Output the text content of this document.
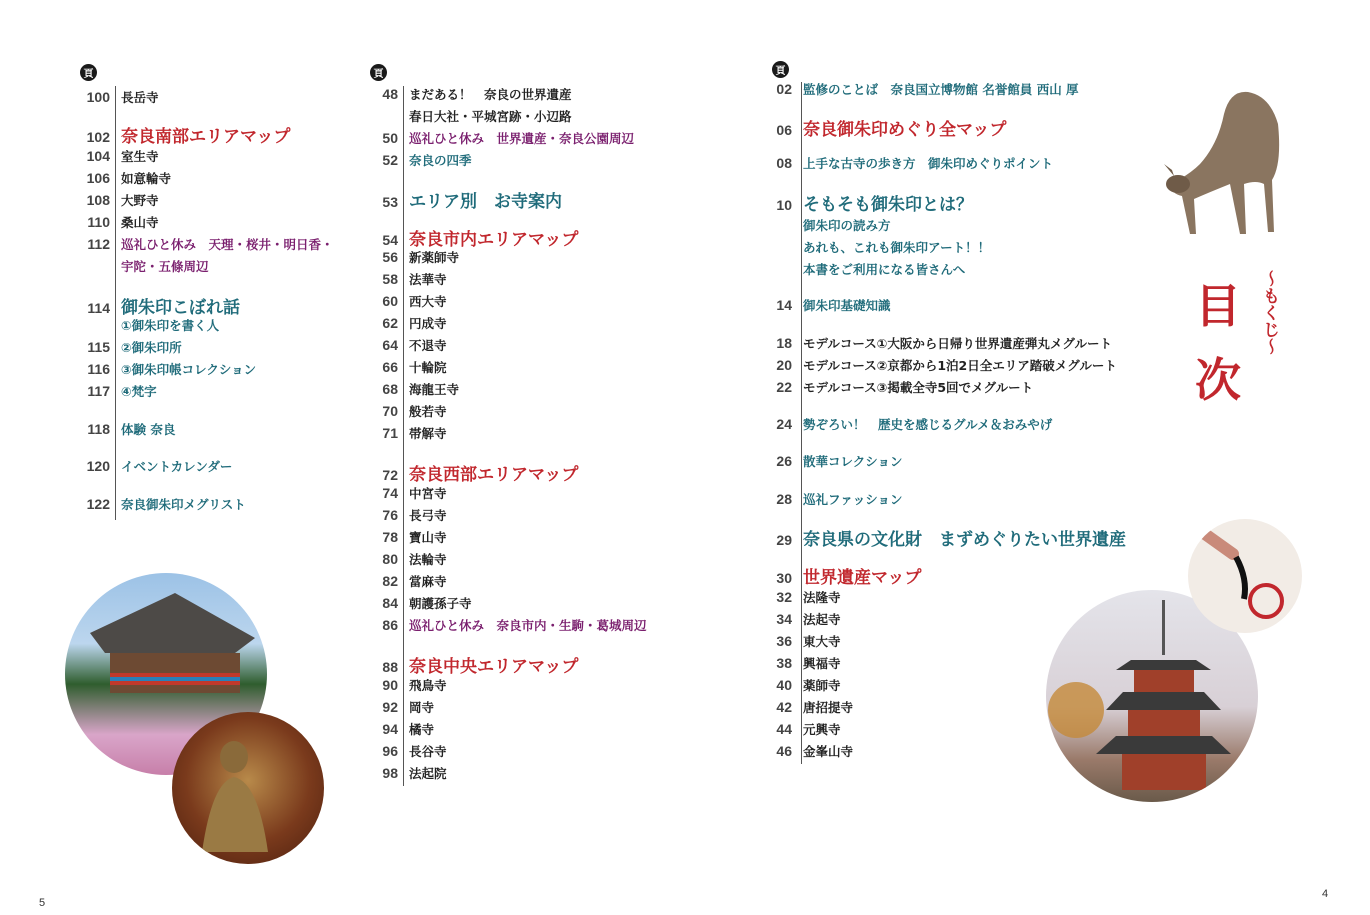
頁
100 長岳寺
102 奈良南部エリアマップ
104 室生寺
106 如意輪寺
108 大野寺
110 桑山寺
112 巡礼ひと休み　天理・桜井・明日香・
宇陀・五條周辺
114 御朱印こぼれ話
①御朱印を書く人
115 ②御朱印所
116 ③御朱印帳コレクション
117 ④梵字
118 体験 奈良
120 イベントカレンダー
122 奈良御朱印メグリスト
頁
48 まだある！　奈良の世界遺産
春日大社・平城宮跡・小辺路
50 巡礼ひと休み　世界遺産・奈良公園周辺
52 奈良の四季
53 エリア別　お寺案内
54 奈良市内エリアマップ
56 新薬師寺
58 法華寺
60 西大寺
62 円成寺
64 不退寺
66 十輪院
68 海龍王寺
70 般若寺
71 帯解寺
72 奈良西部エリアマップ
74 中宮寺
76 長弓寺
78 寶山寺
80 法輪寺
82 當麻寺
84 朝護孫子寺
86 巡礼ひと休み　奈良市内・生駒・葛城周辺
88 奈良中央エリアマップ
90 飛鳥寺
92 岡寺
94 橘寺
96 長谷寺
98 法起院
頁
02 監修のことば　奈良国立博物館 名誉館員 西山 厚
06 奈良御朱印めぐり全マップ
08 上手な古寺の歩き方　御朱印めぐりポイント
10 そもそも御朱印とは？
御朱印の読み方
あれも、これも御朱印アート！！
本書をご利用になる皆さんへ
14 御朱印基礎知識
18 モデルコース①大阪から日帰り世界遺産弾丸メグルート
20 モデルコース②京都から1泊2日全エリア踏破メグルート
22 モデルコース③掲載全寺5回でメグルート
24 勢ぞろい！　歴史を感じるグルメ＆おみやげ
26 散華コレクション
28 巡礼ファッション
29 奈良県の文化財　まずめぐりたい世界遺産
30 世界遺産マップ
32 法隆寺
34 法起寺
36 東大寺
38 興福寺
40 薬師寺
42 唐招提寺
44 元興寺
46 金峯山寺
目
次
～もくじ～
5
4
